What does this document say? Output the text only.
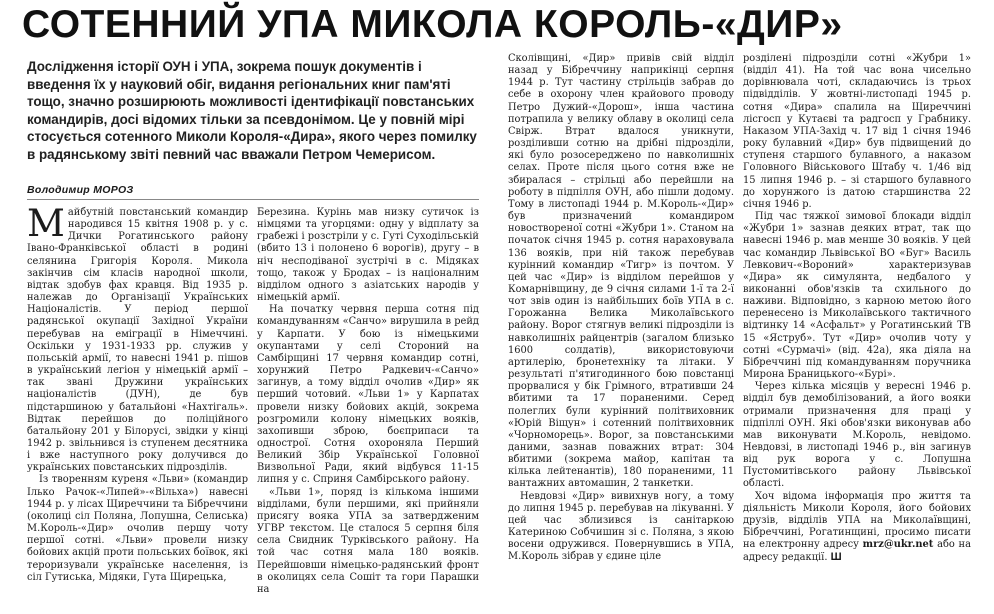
СОТЕННИЙ УПА МИКОЛА КОРОЛЬ-«ДИР»

Дослідження історії ОУН і УПА, зокрема пошук документів і введення їх у науковий обіг, видання регіональних книг пам'яті тощо, значно розширюють можливості ідентифікації повстанських командирів, досі відомих тільки за псевдонімом. Це у повній мірі стосується сотенного Миколи Короля-«Дира», якого через помилку в радянському звіті певний час вважали Петром Чемерисом.

Володимир МОРОЗ

Майбутній повстанський командир народився 15 квітня 1908 р. у с. Дички Рогатинського району Івано-Франківської області в родині селянина Григорія Короля. Микола закінчив сім класів народної школи, відтак здобув фах кравця. Від 1935 р. належав до Організації Українських Націоналістів. У період першої радянської окупації Західної України перебував на еміграції в Німеччині. Оскільки у 1931-1933 рр. служив у польській армії, то навесні 1941 р. пішов в український легіон у німецькій армії – так звані Дружини українських націоналістів (ДУН), де був підстаршиною у батальйоні «Нахтігаль». Відтак перейшов до поліційного батальйону 201 у Білорусі, звідки у кінці 1942 р. звільнився із ступенем десятника і вже наступного року долучився до українських повстанських підрозділів.

Із творенням куреня «Льви» (командир Ілько Рачок-«Липей»-«Вільха») навесні 1944 р. у лісах Щиреччини та Бібреччини (околиці сіл Поляна, Лопушна, Селиська) М.Король-«Дир» очолив першу чоту першої сотні. «Льви» провели низку бойових акцій проти польських боївок, які тероризували українське населення, із сіл Гутиська, Мідяки, Гута Щирецька,

Березина. Курінь мав низку сутичок із німцями та угорцями: одну у відплату за грабежі і розстріли у с. Гуті Суходільській (вбито 13 і полонено 6 ворогів), другу – в ніч несподіваної зустрічі в с. Мідяках тощо, також у Бродах – із націоналним відділом одного з азіатських народів у німецькій армії.

На початку червня перша сотня під командуванням «Санчо» вирушила в рейд у Карпати. У бою із німецькими окупантами у селі Стороний на Самбірщині 17 червня командир сотні, хорунжий Петро Радкевич-«Санчо» загинув, а тому відділ очолив «Дир» як перший чотовий. «Льви 1» у Карпатах провели низку бойових акцій, зокрема розгромили колону німецьких вояків, захопивши зброю, боєприпаси та однострої. Сотня охороняла Перший Великий Збір Української Головної Визвольної Ради, який відбувся 11-15 липня у с. Сприня Самбірського району.

«Льви 1», поряд із кількома іншими відділами, були першими, які прийняли присягу вояка УПА за затвердженим УГВР текстом. Це сталося 5 серпня біля села Свидник Турківського району. На той час сотня мала 180 вояків. Перейшовши німецько-радянський фронт в околицях села Сошіт та гори Парашки на

Сколівщині, «Дир» привів свій відділ назад у Бібреччину наприкінці серпня 1944 р. Тут частину стрільців забрав до себе в охорону член крайового проводу Петро Дужий-«Дорош», інша частина потрапила у велику облаву в околиці села Свірж. Втрат вдалося уникнути, розділивши сотню на дрібні підрозділи, які було розосереджено по навколишніх селах. Проте після цього сотня вже не збиралася – стрільці або перейшли на роботу в підпілля ОУН, або пішли додому. Тому в листопаді 1944 р. М.Король-«Дир» був призначений командиром новоствореної сотні «Жубри 1». Станом на початок січня 1945 р. сотня нараховувала 136 вояків, при ній також перебував курінний командир «Тигр» із почтом. У цей час «Дир» із відділом перейшов у Комарнівщину, де 9 січня силами 1-ї та 2-ї чот звів один із найбільших боїв УПА в с. Горожанна Велика Миколаївського району. Ворог стягнув великі підрозділи із навколишніх райцентрів (загалом близько 1600 солдатів), використовуючи артилерію, бронетехніку та літаки. У результаті п'ятигодинного бою повстанці прорвалися у бік Грімного, втративши 24 вбитими та 17 пораненими. Серед полеглих були курінний політвиховник «Юрій Віщун» і сотенний політвиховник «Чорноморець». Ворог, за повстанськими даними, зазнав поважних втрат: 304 вбитими (зокрема майор, капітан та кілька лейтенантів), 180 пораненими, 11 вантажних автомашин, 2 танкетки.

Невдовзі «Дир» вивихнув ногу, а тому до липня 1945 р. перебував на лікуванні. У цей час зблизився із санітаркою Катериною Собчишин зі с. Поляна, з якою восени одружився. Повернувшись в УПА, М.Король зібрав у єдине ціле

розділені підрозділи сотні «Жубри 1» (відділ 41). На той час вона чисельно дорівнювала чоті, складаючись із трьох підвідділів. У жовтні-листопаді 1945 р. сотня «Дира» спалила на Щиреччині лісгосп у Кутаєві та радгосп у Грабнику. Наказом УПА-Захід ч. 17 від 1 січня 1946 року булавний «Дир» був підвищений до ступеня старшого булавного, а наказом Головного Військового Штабу ч. 1/46 від 15 липня 1946 р. – зі старшого булавного до хорунжого із датою старшинства 22 січня 1946 р.

Під час тяжкої зимової блокади відділ «Жубри 1» зазнав деяких втрат, так що навесні 1946 р. мав менше 30 вояків. У цей час командир Львівської ВО «Буг» Василь Левкович-«Вороний» характеризував «Дира» як симулянта, недбалого у виконанні обов'язків та схильного до наживи. Відповідно, з карною метою його перенесено із Миколаївського тактичного відтинку 14 «Асфальт» у Рогатинський ТВ 15 «Яструб». Тут «Дир» очолив чоту у сотні «Сурмачі» (від. 42а), яка діяла на Бібреччині під командуванням поручника Мирона Браницького-«Бурі».

Через кілька місяців у вересні 1946 р. відділ був демобілізований, а його вояки отримали призначення для праці у підпіллі ОУН. Які обов'язки виконував або мав виконувати М.Король, невідомо. Невдовзі, в листопаді 1946 р., він загинув від рук ворога у с. Лопушна Пустомитівського району Львівської області.

Хоч відома інформація про життя та діяльність Миколи Короля, його бойових друзів, відділів УПА на Миколаївщині, Бібреччині, Рогатинщині, просимо писати на електронну адресу mrz@ukr.net або на адресу редакції. Ш
